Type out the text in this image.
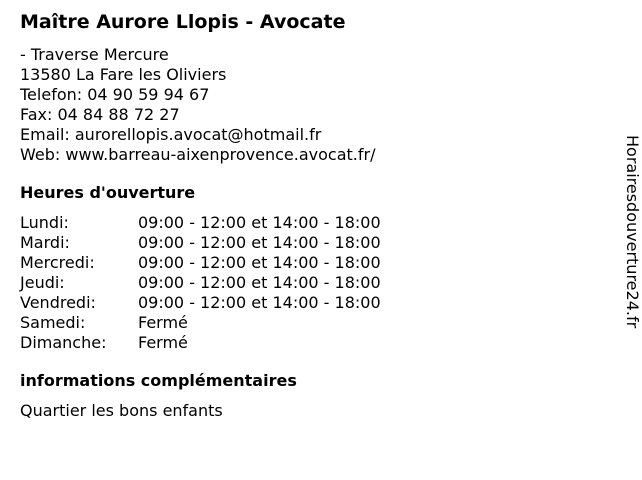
Maître Aurore Llopis - Avocate
- Traverse Mercure
13580 La Fare les Oliviers
Telefon: 04 90 59 94 67
Fax: 04 84 88 72 27
Email: aurorellopis.avocat@hotmail.fr
Web: www.barreau-aixenprovence.avocat.fr/
Heures d'ouverture
Lundi:	09:00 - 12:00 et 14:00 - 18:00
Mardi:	09:00 - 12:00 et 14:00 - 18:00
Mercredi:	09:00 - 12:00 et 14:00 - 18:00
Jeudi:	09:00 - 12:00 et 14:00 - 18:00
Vendredi:	09:00 - 12:00 et 14:00 - 18:00
Samedi:	Fermé
Dimanche:	Fermé
informations complémentaires
Quartier les bons enfants
Horairesdouverture24.fr
